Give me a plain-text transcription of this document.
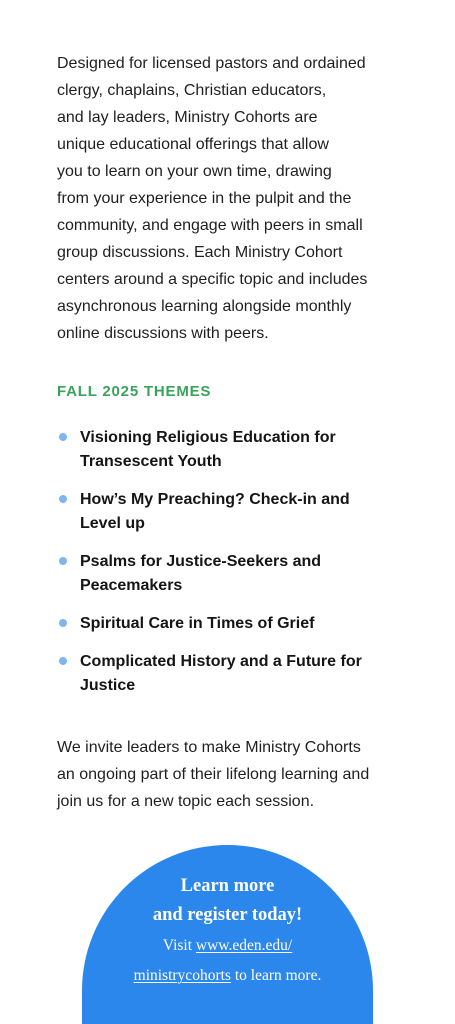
Designed for licensed pastors and ordained
clergy, chaplains, Christian educators,
and lay leaders, Ministry Cohorts are
unique educational offerings that allow
you to learn on your own time, drawing
from your experience in the pulpit and the
community, and engage with peers in small
group discussions. Each Ministry Cohort
centers around a specific topic and includes
asynchronous learning alongside monthly
online discussions with peers.

FALL 2025 THEMES
Visioning Religious Education for
Transescent Youth
How’s My Preaching? Check-in and
Level up
Psalms for Justice-Seekers and
Peacemakers
Spiritual Care in Times of Grief
Complicated History and a Future for
Justice

We invite leaders to make Ministry Cohorts
an ongoing part of their lifelong learning and
join us for a new topic each session.

Learn more
and register today!
Visit www.eden.edu/
ministrycohorts to learn more.
